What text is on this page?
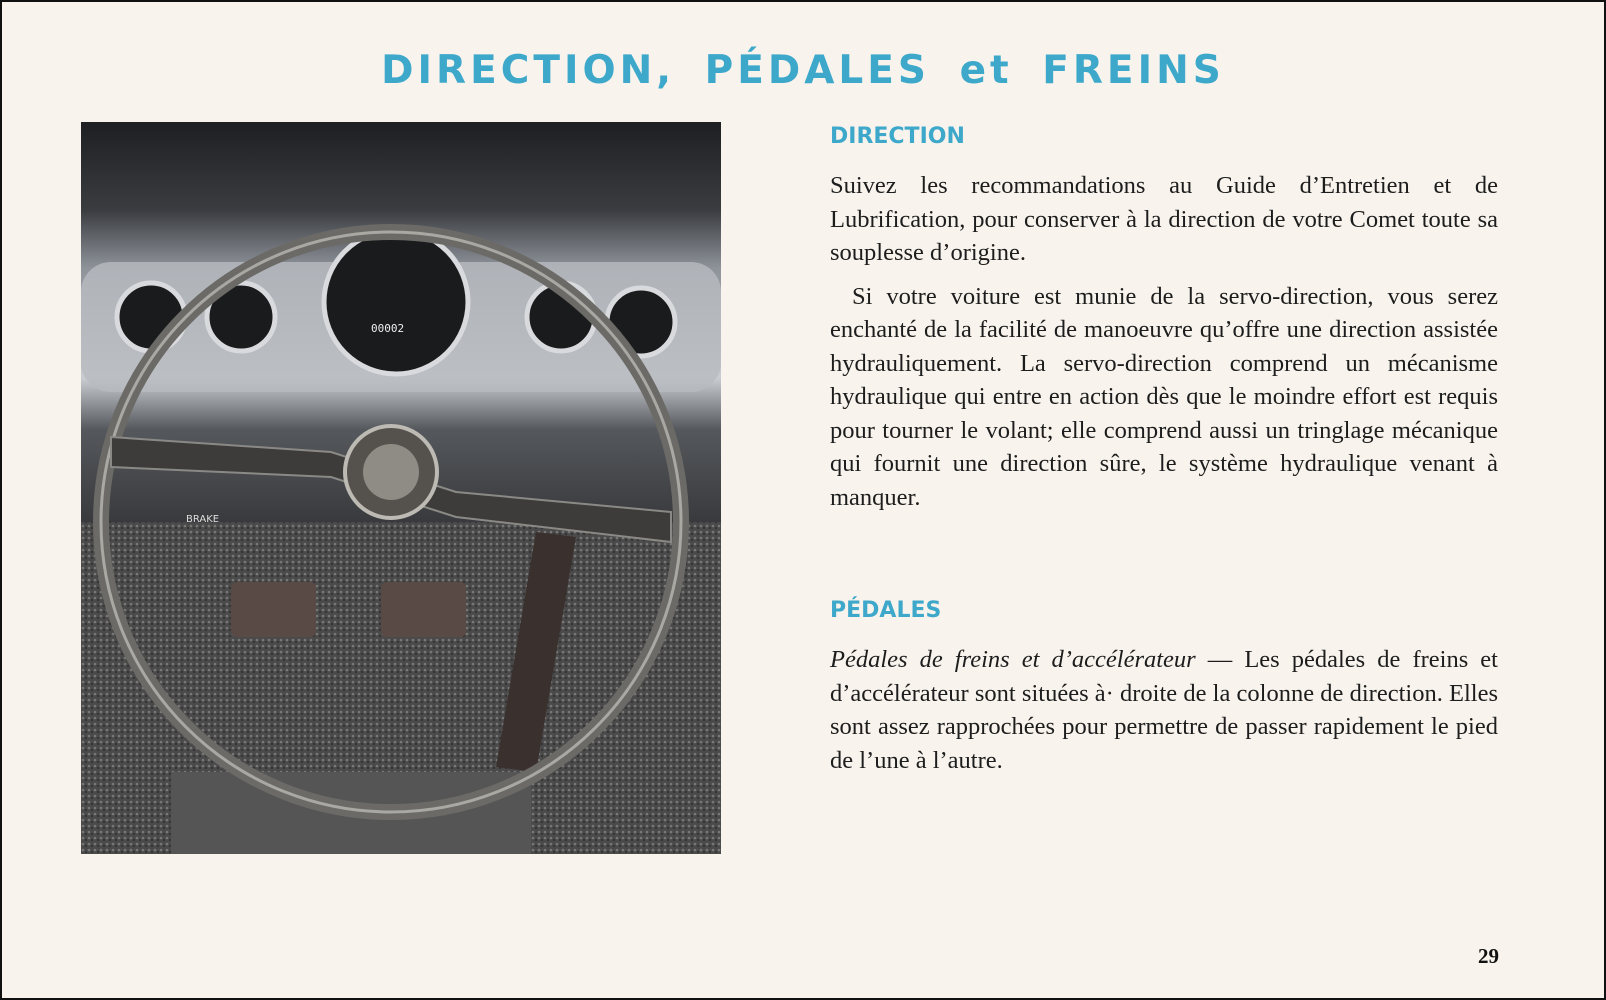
DIRECTION, PÉDALES et FREINS
00002
BRAKE
DIRECTION

Suivez les recommandations au Guide d’Entretien et de Lubrification, pour conserver à la direction de votre Comet toute sa souplesse d’origine.

Si votre voiture est munie de la servo-direction, vous serez enchanté de la facilité de manoeuvre qu’offre une direction assistée hydrauliquement. La servo-direction comprend un mécanisme hydraulique qui entre en action dès que le moindre effort est requis pour tourner le volant; elle comprend aussi un tringlage mécanique qui fournit une direction sûre, le système hydraulique venant à manquer.

PÉDALES

Pédales de freins et d’accélérateur — Les pédales de freins et d’accélérateur sont situées à· droite de la colonne de direction. Elles sont assez rapprochées pour permettre de passer rapidement le pied de l’une à l’autre.

29
